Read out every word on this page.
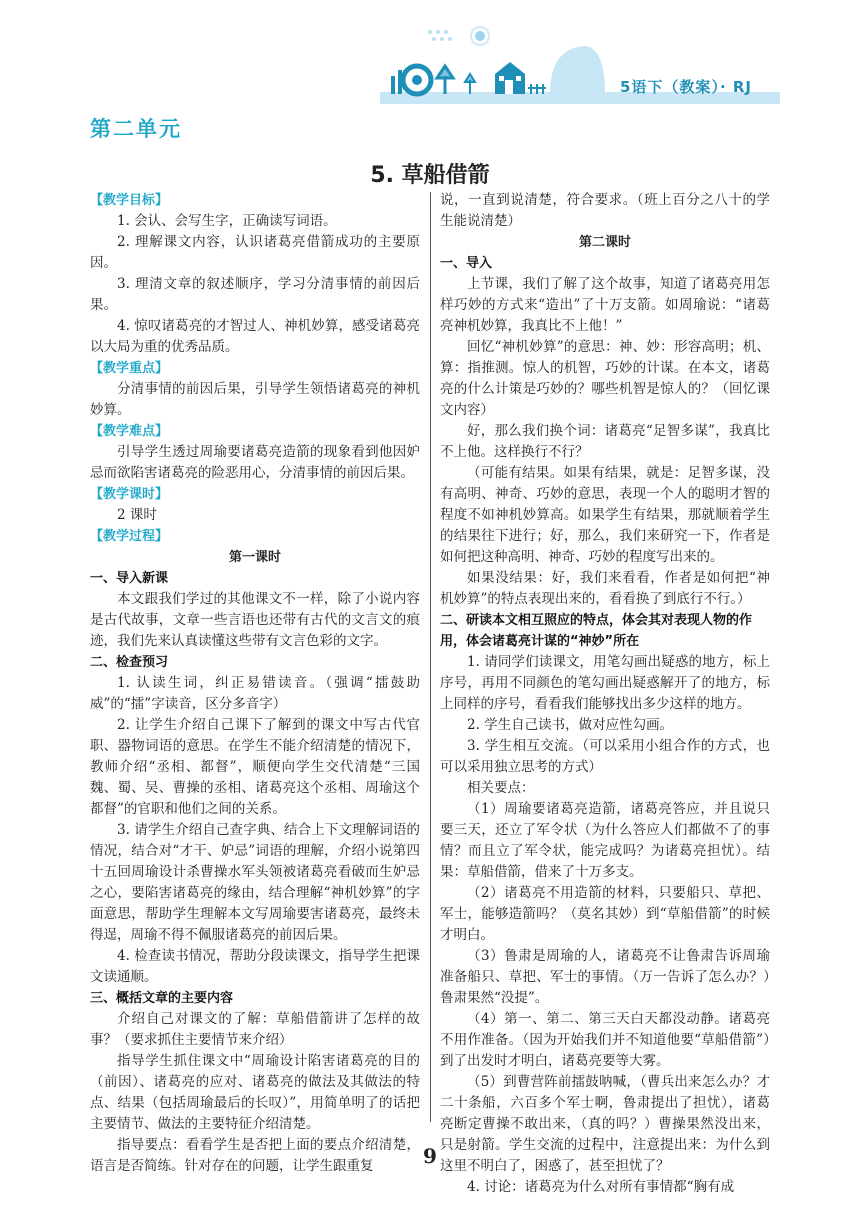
5语下（教案）· RJ
第二单元
5. 草船借箭
【教学目标】
1. 会认、会写生字，正确读写词语。
2. 理解课文内容，认识诸葛亮借箭成功的主要原因。
3. 理清文章的叙述顺序，学习分清事情的前因后果。
4. 惊叹诸葛亮的才智过人、神机妙算，感受诸葛亮以大局为重的优秀品质。
【教学重点】
分清事情的前因后果，引导学生领悟诸葛亮的神机妙算。
【教学难点】
引导学生透过周瑜要诸葛亮造箭的现象看到他因妒忌而欲陷害诸葛亮的险恶用心，分清事情的前因后果。
【教学课时】
2 课时
【教学过程】
第一课时
一、导入新课
本文跟我们学过的其他课文不一样，除了小说内容是古代故事，文章一些言语也还带有古代的文言文的痕迹，我们先来认真读懂这些带有文言色彩的文字。
二、检查预习
1. 认读生词，纠正易错读音。（强调“擂鼓助威”的“擂”字读音，区分多音字）
2. 让学生介绍自己课下了解到的课文中写古代官职、器物词语的意思。在学生不能介绍清楚的情况下，教师介绍“丞相、都督”，顺便向学生交代清楚“三国魏、蜀、吴、曹操的丞相、诸葛亮这个丞相、周瑜这个都督”的官职和他们之间的关系。
3. 请学生介绍自己查字典、结合上下文理解词语的情况，结合对“才干、妒忌”词语的理解，介绍小说第四十五回周瑜设计杀曹操水军头领被诸葛亮看破而生妒忌之心，要陷害诸葛亮的缘由，结合理解“神机妙算”的字面意思，帮助学生理解本文写周瑜要害诸葛亮，最终未得逞，周瑜不得不佩服诸葛亮的前因后果。
4. 检查读书情况，帮助分段读课文，指导学生把课文读通顺。
三、概括文章的主要内容
介绍自己对课文的了解：草船借箭讲了怎样的故事？（要求抓住主要情节来介绍）
指导学生抓住课文中“周瑜设计陷害诸葛亮的目的（前因）、诸葛亮的应对、诸葛亮的做法及其做法的特点、结果（包括周瑜最后的长叹）”，用简单明了的话把主要情节、做法的主要特征介绍清楚。
指导要点：看看学生是否把上面的要点介绍清楚，语言是否简练。针对存在的问题，让学生跟重复
说，一直到说清楚，符合要求。（班上百分之八十的学生能说清楚）
第二课时
一、导入
上节课，我们了解了这个故事，知道了诸葛亮用怎样巧妙的方式来“造出”了十万支箭。如周瑜说：“诸葛亮神机妙算，我真比不上他！”
回忆“神机妙算”的意思：神、妙：形容高明；机、算：指推测。惊人的机智，巧妙的计谋。在本文，诸葛亮的什么计策是巧妙的？哪些机智是惊人的？（回忆课文内容）
好，那么我们换个词：诸葛亮“足智多谋”，我真比不上他。这样换行不行？
（可能有结果。如果有结果，就是：足智多谋，没有高明、神奇、巧妙的意思，表现一个人的聪明才智的程度不如神机妙算高。如果学生有结果，那就顺着学生的结果往下进行；好，那么，我们来研究一下，作者是如何把这种高明、神奇、巧妙的程度写出来的。
如果没结果：好，我们来看看，作者是如何把“神机妙算”的特点表现出来的，看看换了到底行不行。）
二、研读本文相互照应的特点，体会其对表现人物的作用，体会诸葛亮计谋的“神妙”所在
1. 请同学们读课文，用笔勾画出疑惑的地方，标上序号，再用不同颜色的笔勾画出疑惑解开了的地方，标上同样的序号，看看我们能够找出多少这样的地方。
2. 学生自己读书，做对应性勾画。
3. 学生相互交流。（可以采用小组合作的方式，也可以采用独立思考的方式）
相关要点：
（1）周瑜要诸葛亮造箭，诸葛亮答应，并且说只要三天，还立了军令状（为什么答应人们都做不了的事情？而且立了军令状，能完成吗？为诸葛亮担忧）。结果：草船借箭，借来了十万多支。
（2）诸葛亮不用造箭的材料，只要船只、草把、军士，能够造箭吗？（莫名其妙）到“草船借箭”的时候才明白。
（3）鲁肃是周瑜的人，诸葛亮不让鲁肃告诉周瑜准备船只、草把、军士的事情。（万一告诉了怎么办？）鲁肃果然“没提”。
（4）第一、第二、第三天白天都没动静。诸葛亮不用作准备。（因为开始我们并不知道他要“草船借箭”）到了出发时才明白，诸葛亮要等大雾。
（5）到曹营阵前擂鼓呐喊，（曹兵出来怎么办？才二十条船，六百多个军士啊，鲁肃提出了担忧），诸葛亮断定曹操不敢出来，（真的吗？）曹操果然没出来，只是射箭。学生交流的过程中，注意提出来：为什么到这里不明白了，困惑了，甚至担忧了？
4. 讨论：诸葛亮为什么对所有事情都“胸有成
9
